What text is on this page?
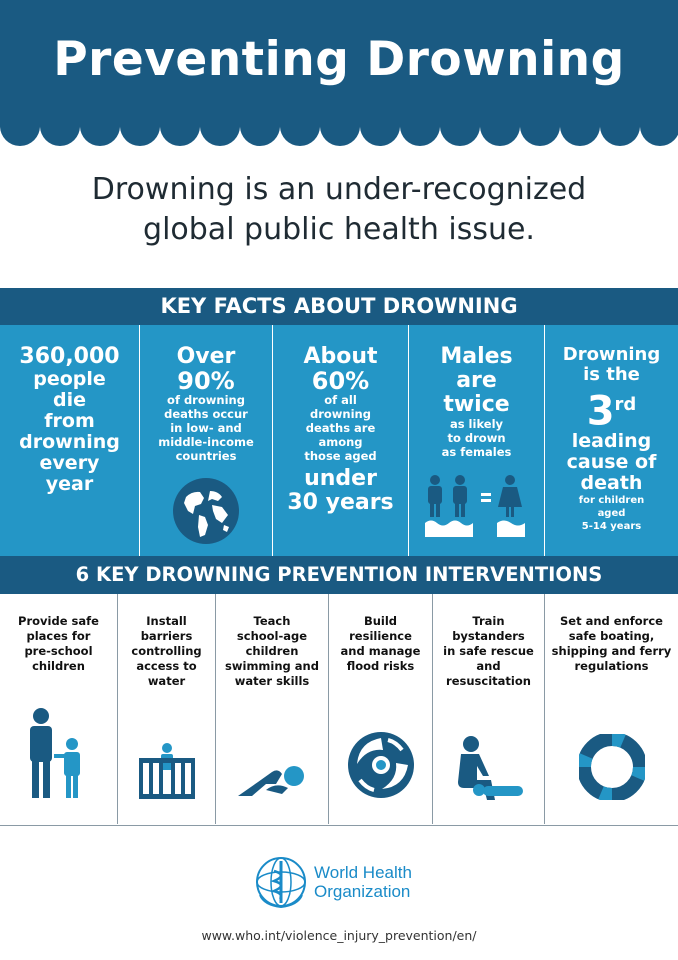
Preventing Drowning
Drowning is an under-recognized
global public health issue.
KEY FACTS ABOUT DROWNING
360,000
people
die
from
drowning
every
year
Over
90%
of drowning
deaths occur
in low- and
middle-income
countries
About
60%
of all
drowning
deaths are
among
those aged
under
30 years
Males
are
twice
as likely
to drown
as females
Drowning
is the
3rd
leading
cause of
death
for children
aged
5-14 years
6 KEY DROWNING PREVENTION INTERVENTIONS
Provide safe
places for
pre-school
children
Install barriers
controlling
access to
water
Teach
school-age
children
swimming and
water skills
Build resilience
and manage
flood risks
Train
bystanders
in safe rescue
and resuscitation
Set and enforce
safe boating,
shipping and ferry
regulations
World Health
Organization
www.who.int/violence_injury_prevention/en/
